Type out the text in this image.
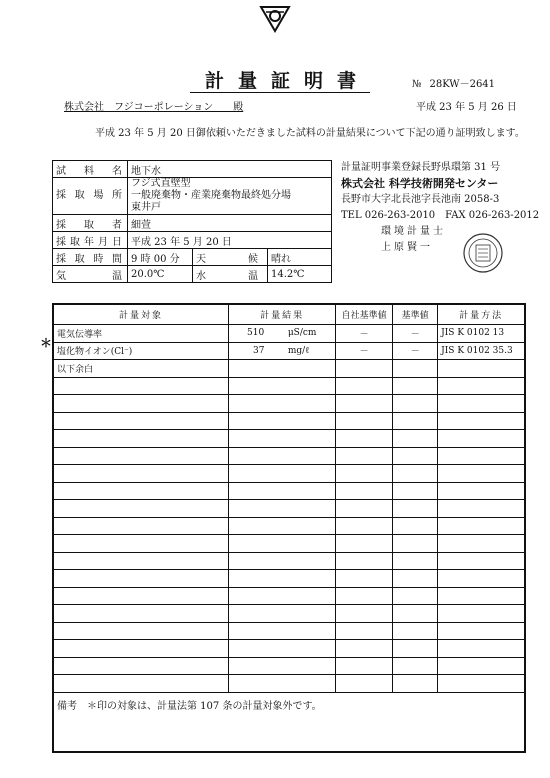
計量証明書	№ 28KW－2641
株式会社　フジコーポレーション　　殿	平成 23 年 5 月 26 日
平成 23 年 5 月 20 日御依頼いただきました試料の計量結果について下記の通り証明致します。
試料名	地下水		
採取場所	フジ式直壁型
一般廃棄物・産業廃棄物最終処分場
東井戸		
採取者	細萱		
採取年月日	平成 23 年 5 月 20 日		
採取時間	9 時 00 分	天候	晴れ
気温	20.0℃	水温	14.2℃
計量証明事業登録長野県環第 31 号
株式会社 科学技術開発センター
長野市大字北長池字長池南 2058-3
TEL 026-263-2010　FAX 026-263-2012
環境計量士
上原賢一
＊
計量対象	計量結果		自社基準値	基準値	計量方法
電気伝導率	510	μS/cm	－	－	JIS K 0102 13
塩化物イオン(Cl⁻)	37	mg/ℓ	－	－	JIS K 0102 35.3
以下余白					

備考　＊印の対象は、計量法第 107 条の計量対象外です。					
